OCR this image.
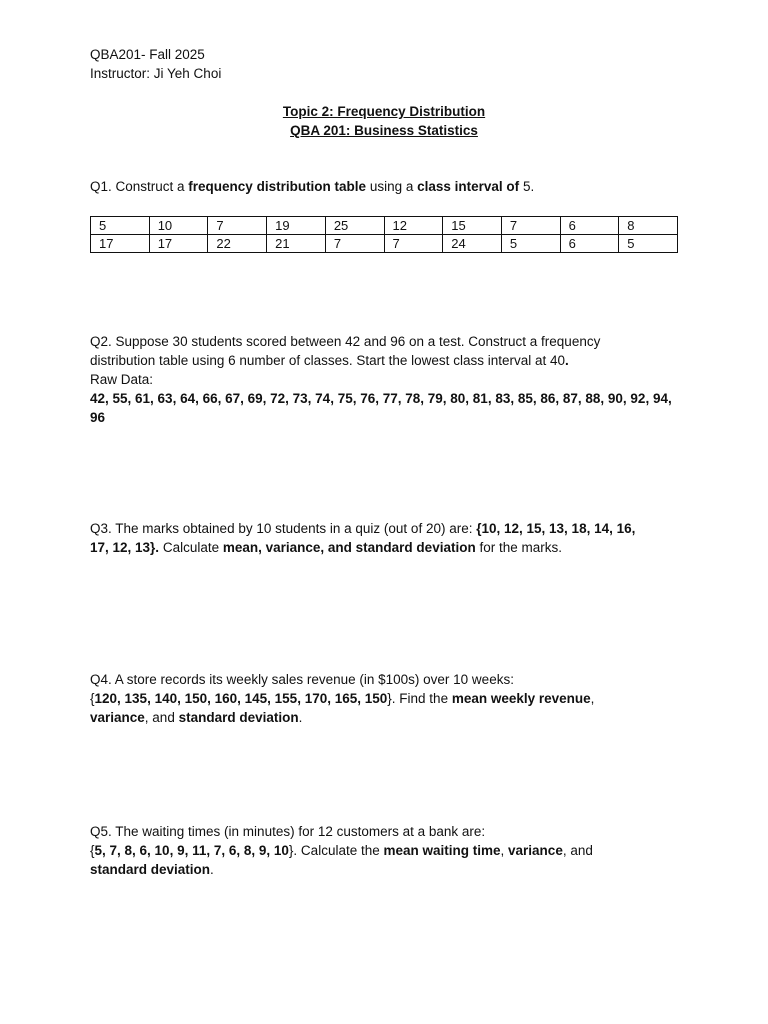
QBA201- Fall 2025
Instructor: Ji Yeh Choi
Topic 2: Frequency Distribution
QBA 201: Business Statistics
Q1. Construct a frequency distribution table using a class interval of 5.
5	10	7	19	25	12	15	7	6	8
17	17	22	21	7	7	24	5	6	5
Q2. Suppose 30 students scored between 42 and 96 on a test. Construct a frequency
distribution table using 6 number of classes. Start the lowest class interval at 40.
Raw Data:
42, 55, 61, 63, 64, 66, 67, 69, 72, 73, 74, 75, 76, 77, 78, 79, 80, 81, 83, 85, 86, 87, 88, 90, 92, 94,
96
Q3. The marks obtained by 10 students in a quiz (out of 20) are: {10, 12, 15, 13, 18, 14, 16,
17, 12, 13}. Calculate mean, variance, and standard deviation for the marks.
Q4. A store records its weekly sales revenue (in $100s) over 10 weeks:
{120, 135, 140, 150, 160, 145, 155, 170, 165, 150}. Find the mean weekly revenue,
variance, and standard deviation.
Q5. The waiting times (in minutes) for 12 customers at a bank are:
{5, 7, 8, 6, 10, 9, 11, 7, 6, 8, 9, 10}. Calculate the mean waiting time, variance, and
standard deviation.
